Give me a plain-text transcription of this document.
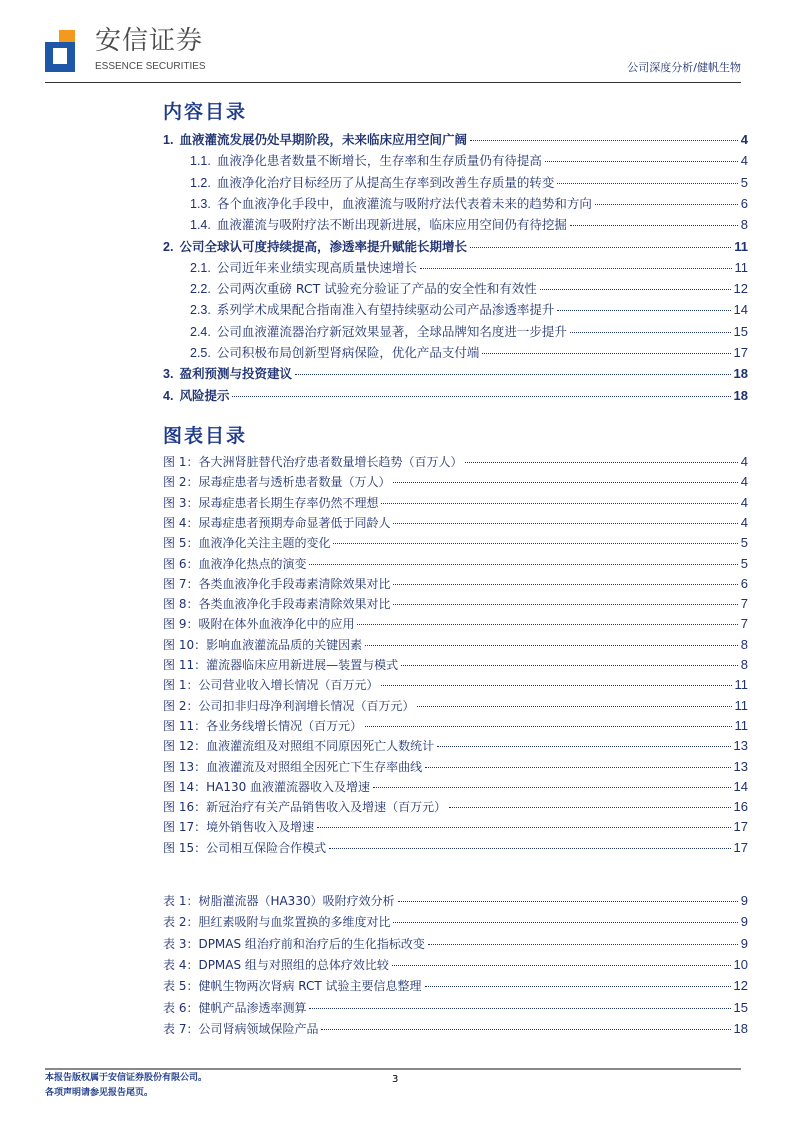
安信证券
ESSENCE SECURITIES	公司深度分析/健帆生物
内容目录
1. 血液灌流发展仍处早期阶段，未来临床应用空间广阔	4
1.1. 血液净化患者数量不断增长，生存率和生存质量仍有待提高	4
1.2. 血液净化治疗目标经历了从提高生存率到改善生存质量的转变	5
1.3. 各个血液净化手段中，血液灌流与吸附疗法代表着未来的趋势和方向	6
1.4. 血液灌流与吸附疗法不断出现新进展，临床应用空间仍有待挖掘	8
2. 公司全球认可度持续提高，渗透率提升赋能长期增长	11
2.1. 公司近年来业绩实现高质量快速增长	11
2.2. 公司两次重磅 RCT 试验充分验证了产品的安全性和有效性	12
2.3. 系列学术成果配合指南准入有望持续驱动公司产品渗透率提升	14
2.4. 公司血液灌流器治疗新冠效果显著，全球品牌知名度进一步提升	15
2.5. 公司积极布局创新型肾病保险，优化产品支付端	17
3. 盈利预测与投资建议	18
4. 风险提示	18
图表目录
图 1：各大洲肾脏替代治疗患者数量增长趋势（百万人）	4
图 2：尿毒症患者与透析患者数量（万人）	4
图 3：尿毒症患者长期生存率仍然不理想	4
图 4：尿毒症患者预期寿命显著低于同龄人	4
图 5：血液净化关注主题的变化	5
图 6：血液净化热点的演变	5
图 7：各类血液净化手段毒素清除效果对比	6
图 8：各类血液净化手段毒素清除效果对比	7
图 9：吸附在体外血液净化中的应用	7
图 10：影响血液灌流品质的关键因素	8
图 11：灌流器临床应用新进展—装置与模式	8
图 1：公司营业收入增长情况（百万元）	11
图 2：公司扣非归母净利润增长情况（百万元）	11
图 11：各业务线增长情况（百万元）	11
图 12：血液灌流组及对照组不同原因死亡人数统计	13
图 13：血液灌流及对照组全因死亡下生存率曲线	13
图 14：HA130 血液灌流器收入及增速	14
图 16：新冠治疗有关产品销售收入及增速（百万元）	16
图 17：境外销售收入及增速	17
图 15：公司相互保险合作模式	17
表 1：树脂灌流器（HA330）吸附疗效分析	9
表 2：胆红素吸附与血浆置换的多维度对比	9
表 3：DPMAS 组治疗前和治疗后的生化指标改变	9
表 4：DPMAS 组与对照组的总体疗效比较	10
表 5：健帆生物两次肾病 RCT 试验主要信息整理	12
表 6：健帆产品渗透率测算	15
表 7：公司肾病领域保险产品	18
本报告版权属于安信证券股份有限公司。
各项声明请参见报告尾页。
3
